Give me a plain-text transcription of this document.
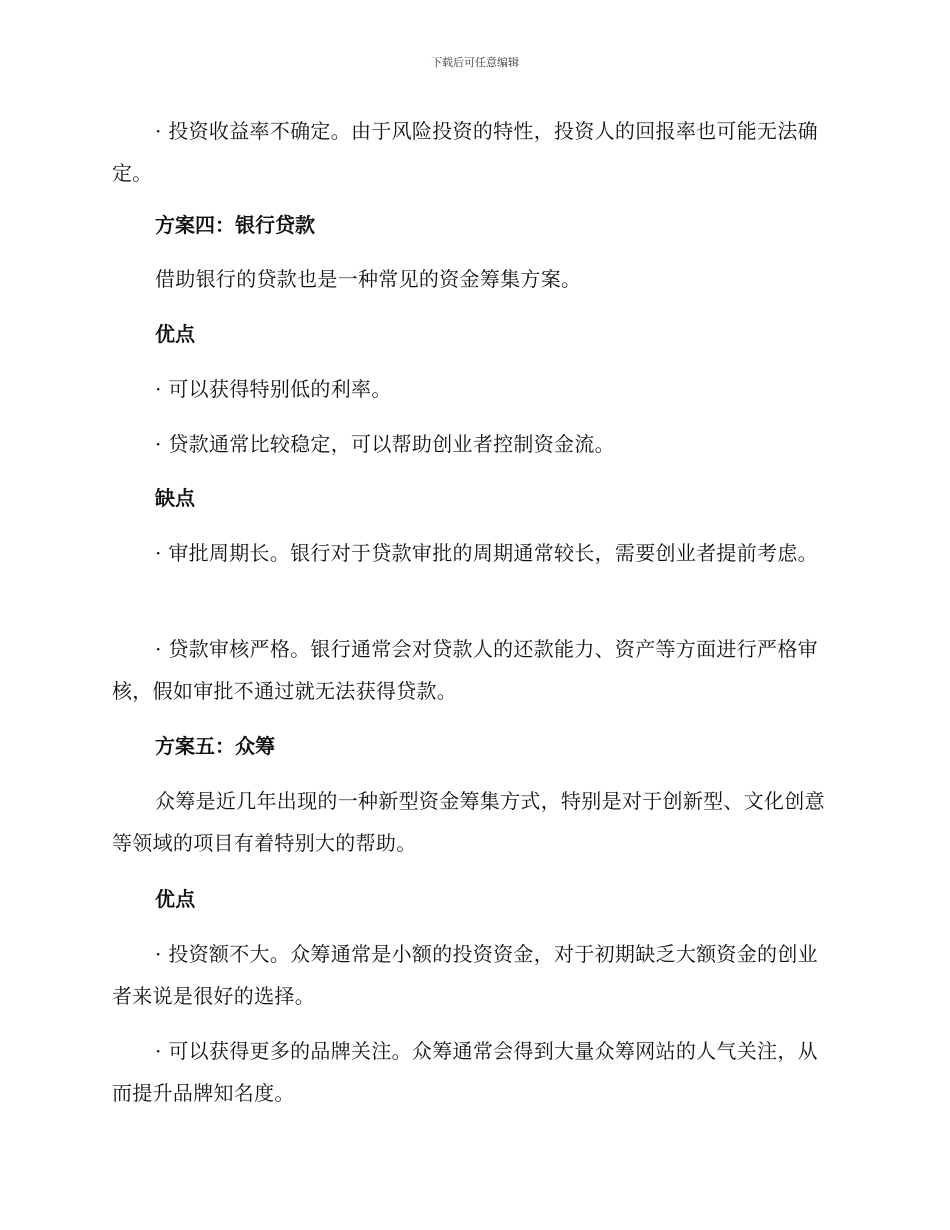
下载后可任意编辑
· 投资收益率不确定。由于风险投资的特性，投资人的回报率也可能无法确定。
方案四：银行贷款
借助银行的贷款也是一种常见的资金筹集方案。
优点
· 可以获得特别低的利率。
· 贷款通常比较稳定，可以帮助创业者控制资金流。
缺点
· 审批周期长。银行对于贷款审批的周期通常较长，需要创业者提前考虑。
· 贷款审核严格。银行通常会对贷款人的还款能力、资产等方面进行严格审核，假如审批不通过就无法获得贷款。
方案五：众筹
众筹是近几年出现的一种新型资金筹集方式，特别是对于创新型、文化创意等领域的项目有着特别大的帮助。
优点
· 投资额不大。众筹通常是小额的投资资金，对于初期缺乏大额资金的创业者来说是很好的选择。
· 可以获得更多的品牌关注。众筹通常会得到大量众筹网站的人气关注，从而提升品牌知名度。
